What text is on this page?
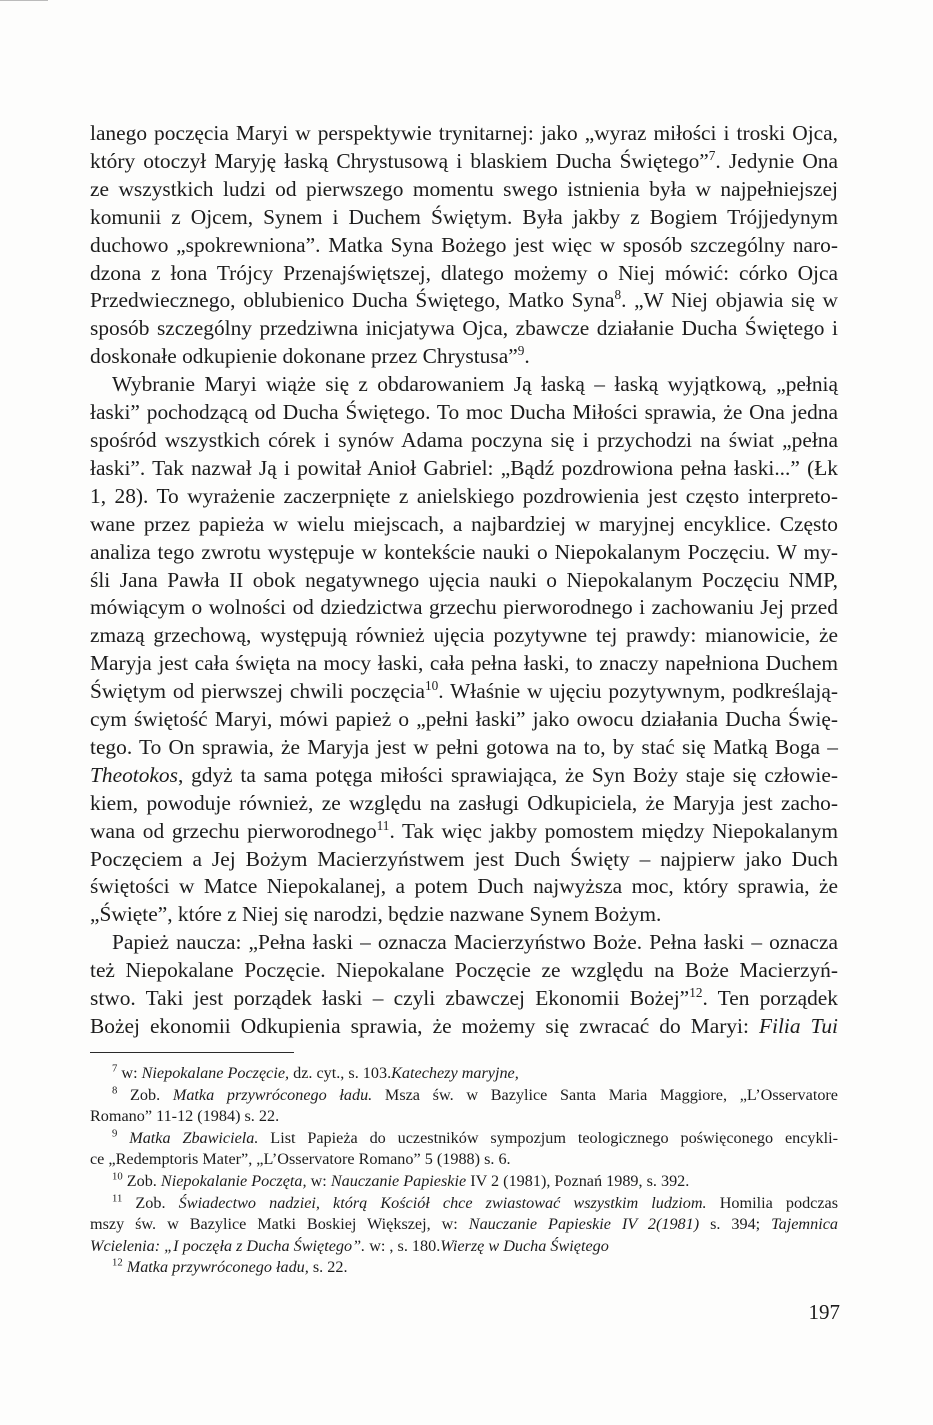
lanego poczęcia Maryi w perspektywie trynitarnej: jako „wyraz miłości i troski Ojca,
który otoczył Maryję łaską Chrystusową i blaskiem Ducha Świętego”$^7$. Jedynie Ona
ze wszystkich ludzi od pierwszego momentu swego istnienia była w najpełniejszej
komunii z Ojcem, Synem i Duchem Świętym. Była jakby z Bogiem Trójjedynym
duchowo „spokrewniona”. Matka Syna Bożego jest więc w sposób szczególny naro-
dzona z łona Trójcy Przenajświętszej, dlatego możemy o Niej mówić: córko Ojca
Przedwiecznego, oblubienico Ducha Świętego, Matko Syna$^8$. „W Niej objawia się w
sposób szczególny przedziwna inicjatywa Ojca, zbawcze działanie Ducha Świętego i
doskonałe odkupienie dokonane przez Chrystusa”$^9$.
Wybranie Maryi wiąże się z obdarowaniem Ją łaską – łaską wyjątkową, „pełnią
łaski” pochodzącą od Ducha Świętego. To moc Ducha Miłości sprawia, że Ona jedna
spośród wszystkich córek i synów Adama poczyna się i przychodzi na świat „pełna
łaski”. Tak nazwał Ją i powitał Anioł Gabriel: „Bądź pozdrowiona pełna łaski...” (Łk
1, 28). To wyrażenie zaczerpnięte z anielskiego pozdrowienia jest często interpreto-
wane przez papieża w wielu miejscach, a najbardziej w maryjnej encyklice. Często
analiza tego zwrotu występuje w kontekście nauki o Niepokalanym Poczęciu. W my-
śli Jana Pawła II obok negatywnego ujęcia nauki o Niepokalanym Poczęciu NMP,
mówiącym o wolności od dziedzictwa grzechu pierworodnego i zachowaniu Jej przed
zmazą grzechową, występują również ujęcia pozytywne tej prawdy: mianowicie, że
Maryja jest cała święta na mocy łaski, cała pełna łaski, to znaczy napełniona Duchem
Świętym od pierwszej chwili poczęcia$^{10}$. Właśnie w ujęciu pozytywnym, podkreślają-
cym świętość Maryi, mówi papież o „pełni łaski” jako owocu działania Ducha Świę-
tego. To On sprawia, że Maryja jest w pełni gotowa na to, by stać się Matką Boga –
Theotokos, gdyż ta sama potęga miłości sprawiająca, że Syn Boży staje się człowie-
kiem, powoduje również, ze względu na zasługi Odkupiciela, że Maryja jest zacho-
wana od grzechu pierworodnego$^{11}$. Tak więc jakby pomostem między Niepokalanym
Poczęciem a Jej Bożym Macierzyństwem jest Duch Święty – najpierw jako Duch
świętości w Matce Niepokalanej, a potem Duch najwyższa moc, który sprawia, że
„Święte”, które z Niej się narodzi, będzie nazwane Synem Bożym.
Papież naucza: „Pełna łaski – oznacza Macierzyństwo Boże. Pełna łaski – oznacza
też Niepokalane Poczęcie. Niepokalane Poczęcie ze względu na Boże Macierzyń-
stwo. Taki jest porządek łaski – czyli zbawczej Ekonomii Bożej”$^{12}$. Ten porządek
Bożej ekonomii Odkupienia sprawia, że możemy się zwracać do Maryi: Filia Tui
$^7$ w: Niepokalane Poczęcie, dz. cyt., s. 103.Katechezy maryjne,
$^8$ Zob. Matka przywróconego ładu. Msza św. w Bazylice Santa Maria Maggiore, „L’Osservatore
Romano” 11-12 (1984) s. 22.
$^9$ Matka Zbawiciela. List Papieża do uczestników sympozjum teologicznego poświęconego encykli-
ce „Redemptoris Mater”, „L’Osservatore Romano” 5 (1988) s. 6.
$^{10}$ Zob. Niepokalanie Poczęta, w: Nauczanie Papieskie IV 2 (1981), Poznań 1989, s. 392.
$^{11}$ Zob. Świadectwo nadziei, którą Kościół chce zwiastować wszystkim ludziom. Homilia podczas
mszy św. w Bazylice Matki Boskiej Większej, w: Nauczanie Papieskie IV 2(1981) s. 394; Tajemnica
Wcielenia: „I poczęła z Ducha Świętego”. w: , s. 180.Wierzę w Ducha Świętego
$^{12}$ Matka przywróconego ładu, s. 22.
197
